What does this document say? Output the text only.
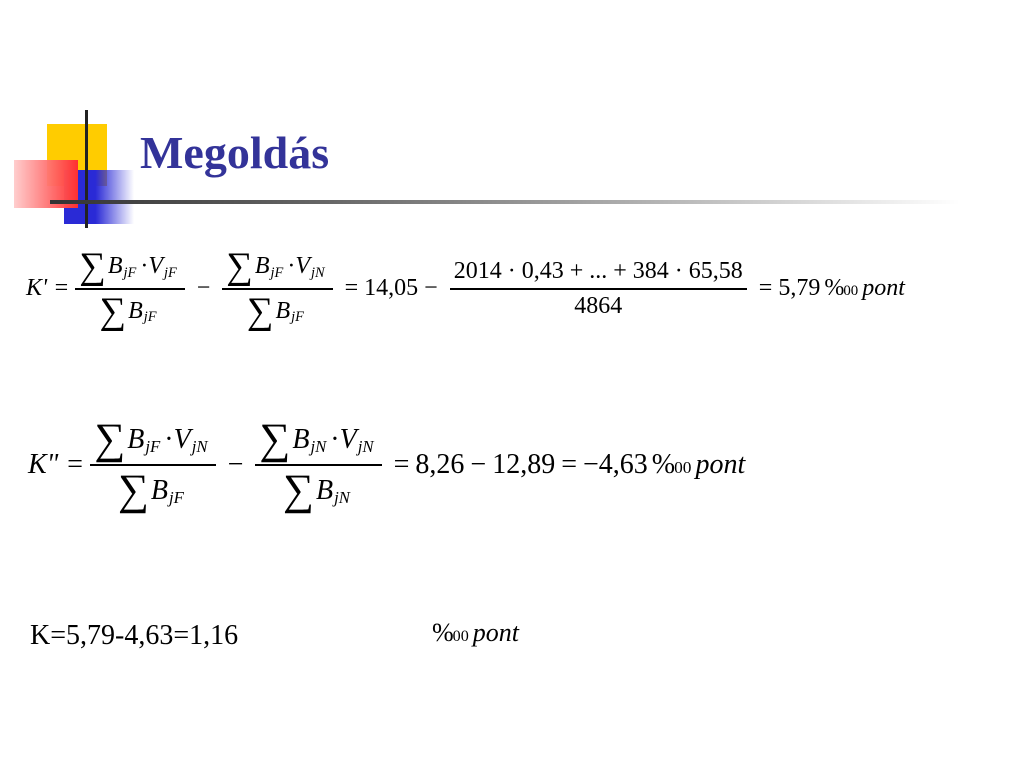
Megoldás
$K' = \frac{\text{∑ B jF · V jF}}{\text{∑ B jF}} - \frac{\text{∑ B jF · V jN}}{\text{∑ B jF}} = 14,05 - \frac{2014 \cdot 0,43 + ... + 384 \cdot 65,58}{4864} = 5,79$ % 00 pont
K" = $\frac{\text{∑ B jF · V jN}}{\text{∑ B jF}} - \frac{\text{∑ B jN · V jN}}{\text{∑ B jN}} = 8,26 - 12,89 = -4,63$ % 00 pont
K=5,79-4,63=1,16	% 00 pont
